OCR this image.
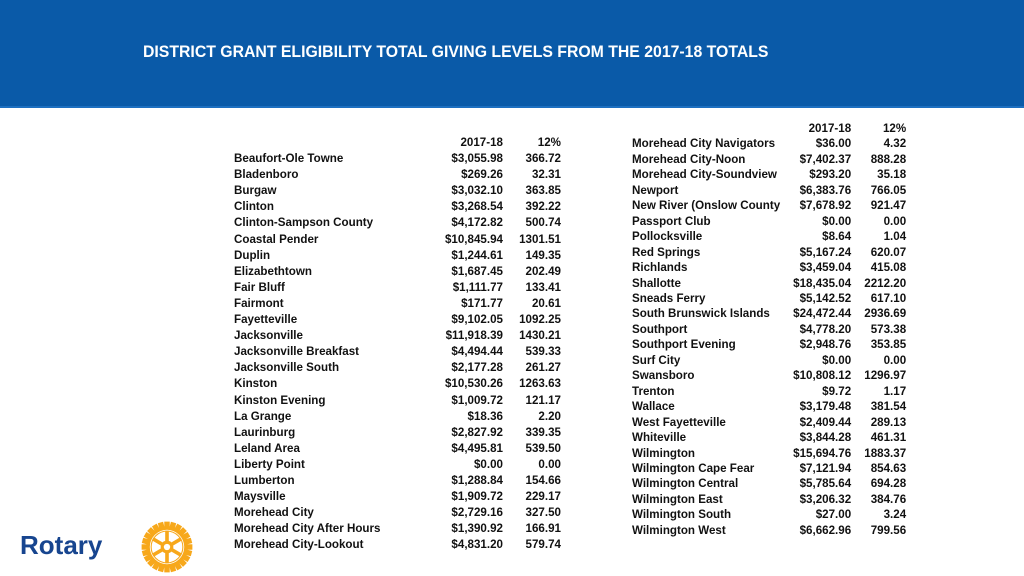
DISTRICT GRANT ELIGIBILITY TOTAL GIVING LEVELS FROM THE 2017-18 TOTALS
	2017-18	12%
Beaufort-Ole Towne	$3,055.98	366.72
Bladenboro	$269.26	32.31
Burgaw	$3,032.10	363.85
Clinton	$3,268.54	392.22
Clinton-Sampson County	$4,172.82	500.74
Coastal Pender	$10,845.94	1301.51
Duplin	$1,244.61	149.35
Elizabethtown	$1,687.45	202.49
Fair Bluff	$1,111.77	133.41
Fairmont	$171.77	20.61
Fayetteville	$9,102.05	1092.25
Jacksonville	$11,918.39	1430.21
Jacksonville Breakfast	$4,494.44	539.33
Jacksonville South	$2,177.28	261.27
Kinston	$10,530.26	1263.63
Kinston Evening	$1,009.72	121.17
La Grange	$18.36	2.20
Laurinburg	$2,827.92	339.35
Leland Area	$4,495.81	539.50
Liberty Point	$0.00	0.00
Lumberton	$1,288.84	154.66
Maysville	$1,909.72	229.17
Morehead City	$2,729.16	327.50
Morehead City After Hours	$1,390.92	166.91
Morehead City-Lookout	$4,831.20	579.74
	2017-18	12%
Morehead City Navigators	$36.00	4.32
Morehead City-Noon	$7,402.37	888.28
Morehead City-Soundview	$293.20	35.18
Newport	$6,383.76	766.05
New River (Onslow County	$7,678.92	921.47
Passport Club	$0.00	0.00
Pollocksville	$8.64	1.04
Red Springs	$5,167.24	620.07
Richlands	$3,459.04	415.08
Shallotte	$18,435.04	2212.20
Sneads Ferry	$5,142.52	617.10
South Brunswick Islands	$24,472.44	2936.69
Southport	$4,778.20	573.38
Southport Evening	$2,948.76	353.85
Surf City	$0.00	0.00
Swansboro	$10,808.12	1296.97
Trenton	$9.72	1.17
Wallace	$3,179.48	381.54
West Fayetteville	$2,409.44	289.13
Whiteville	$3,844.28	461.31
Wilmington	$15,694.76	1883.37
Wilmington Cape Fear	$7,121.94	854.63
Wilmington Central	$5,785.64	694.28
Wilmington East	$3,206.32	384.76
Wilmington South	$27.00	3.24
Wilmington West	$6,662.96	799.56
Rotary
